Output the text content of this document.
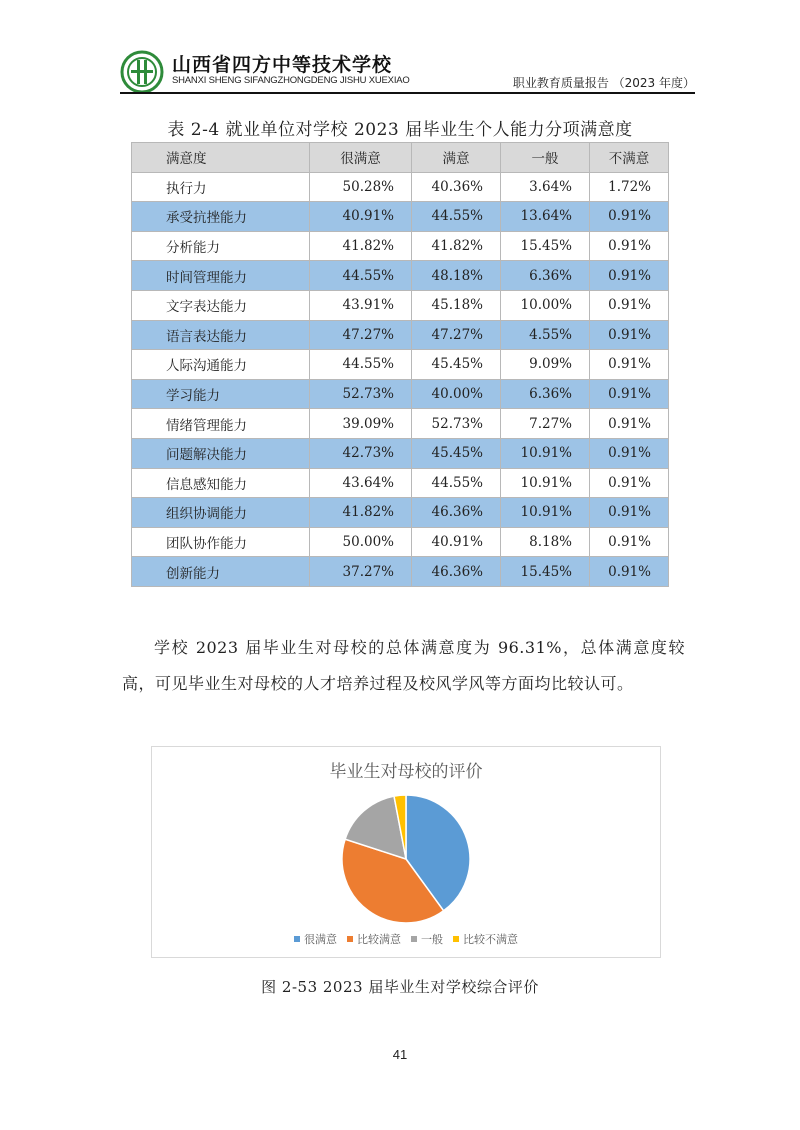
山西省四方中等技术学校
SHANXI SHENG SIFANGZHONGDENG JISHU XUEXIAO	职业教育质量报告 （2023 年度）
表 2-4 就业单位对学校 2023 届毕业生个人能力分项满意度
满意度	很满意	满意	一般	不满意
执行力	50.28%	40.36%	3.64%	1.72%
承受抗挫能力	40.91%	44.55%	13.64%	0.91%
分析能力	41.82%	41.82%	15.45%	0.91%
时间管理能力	44.55%	48.18%	6.36%	0.91%
文字表达能力	43.91%	45.18%	10.00%	0.91%
语言表达能力	47.27%	47.27%	4.55%	0.91%
人际沟通能力	44.55%	45.45%	9.09%	0.91%
学习能力	52.73%	40.00%	6.36%	0.91%
情绪管理能力	39.09%	52.73%	7.27%	0.91%
问题解决能力	42.73%	45.45%	10.91%	0.91%
信息感知能力	43.64%	44.55%	10.91%	0.91%
组织协调能力	41.82%	46.36%	10.91%	0.91%
团队协作能力	50.00%	40.91%	8.18%	0.91%
创新能力	37.27%	46.36%	15.45%	0.91%
学校 2023 届毕业生对母校的总体满意度为 96.31%，总体满意度较高，可见毕业生对母校的人才培养过程及校风学风等方面均比较认可。
毕业生对母校的评价
很满意 比较满意 一般 比较不满意
图 2-53 2023 届毕业生对学校综合评价
41
